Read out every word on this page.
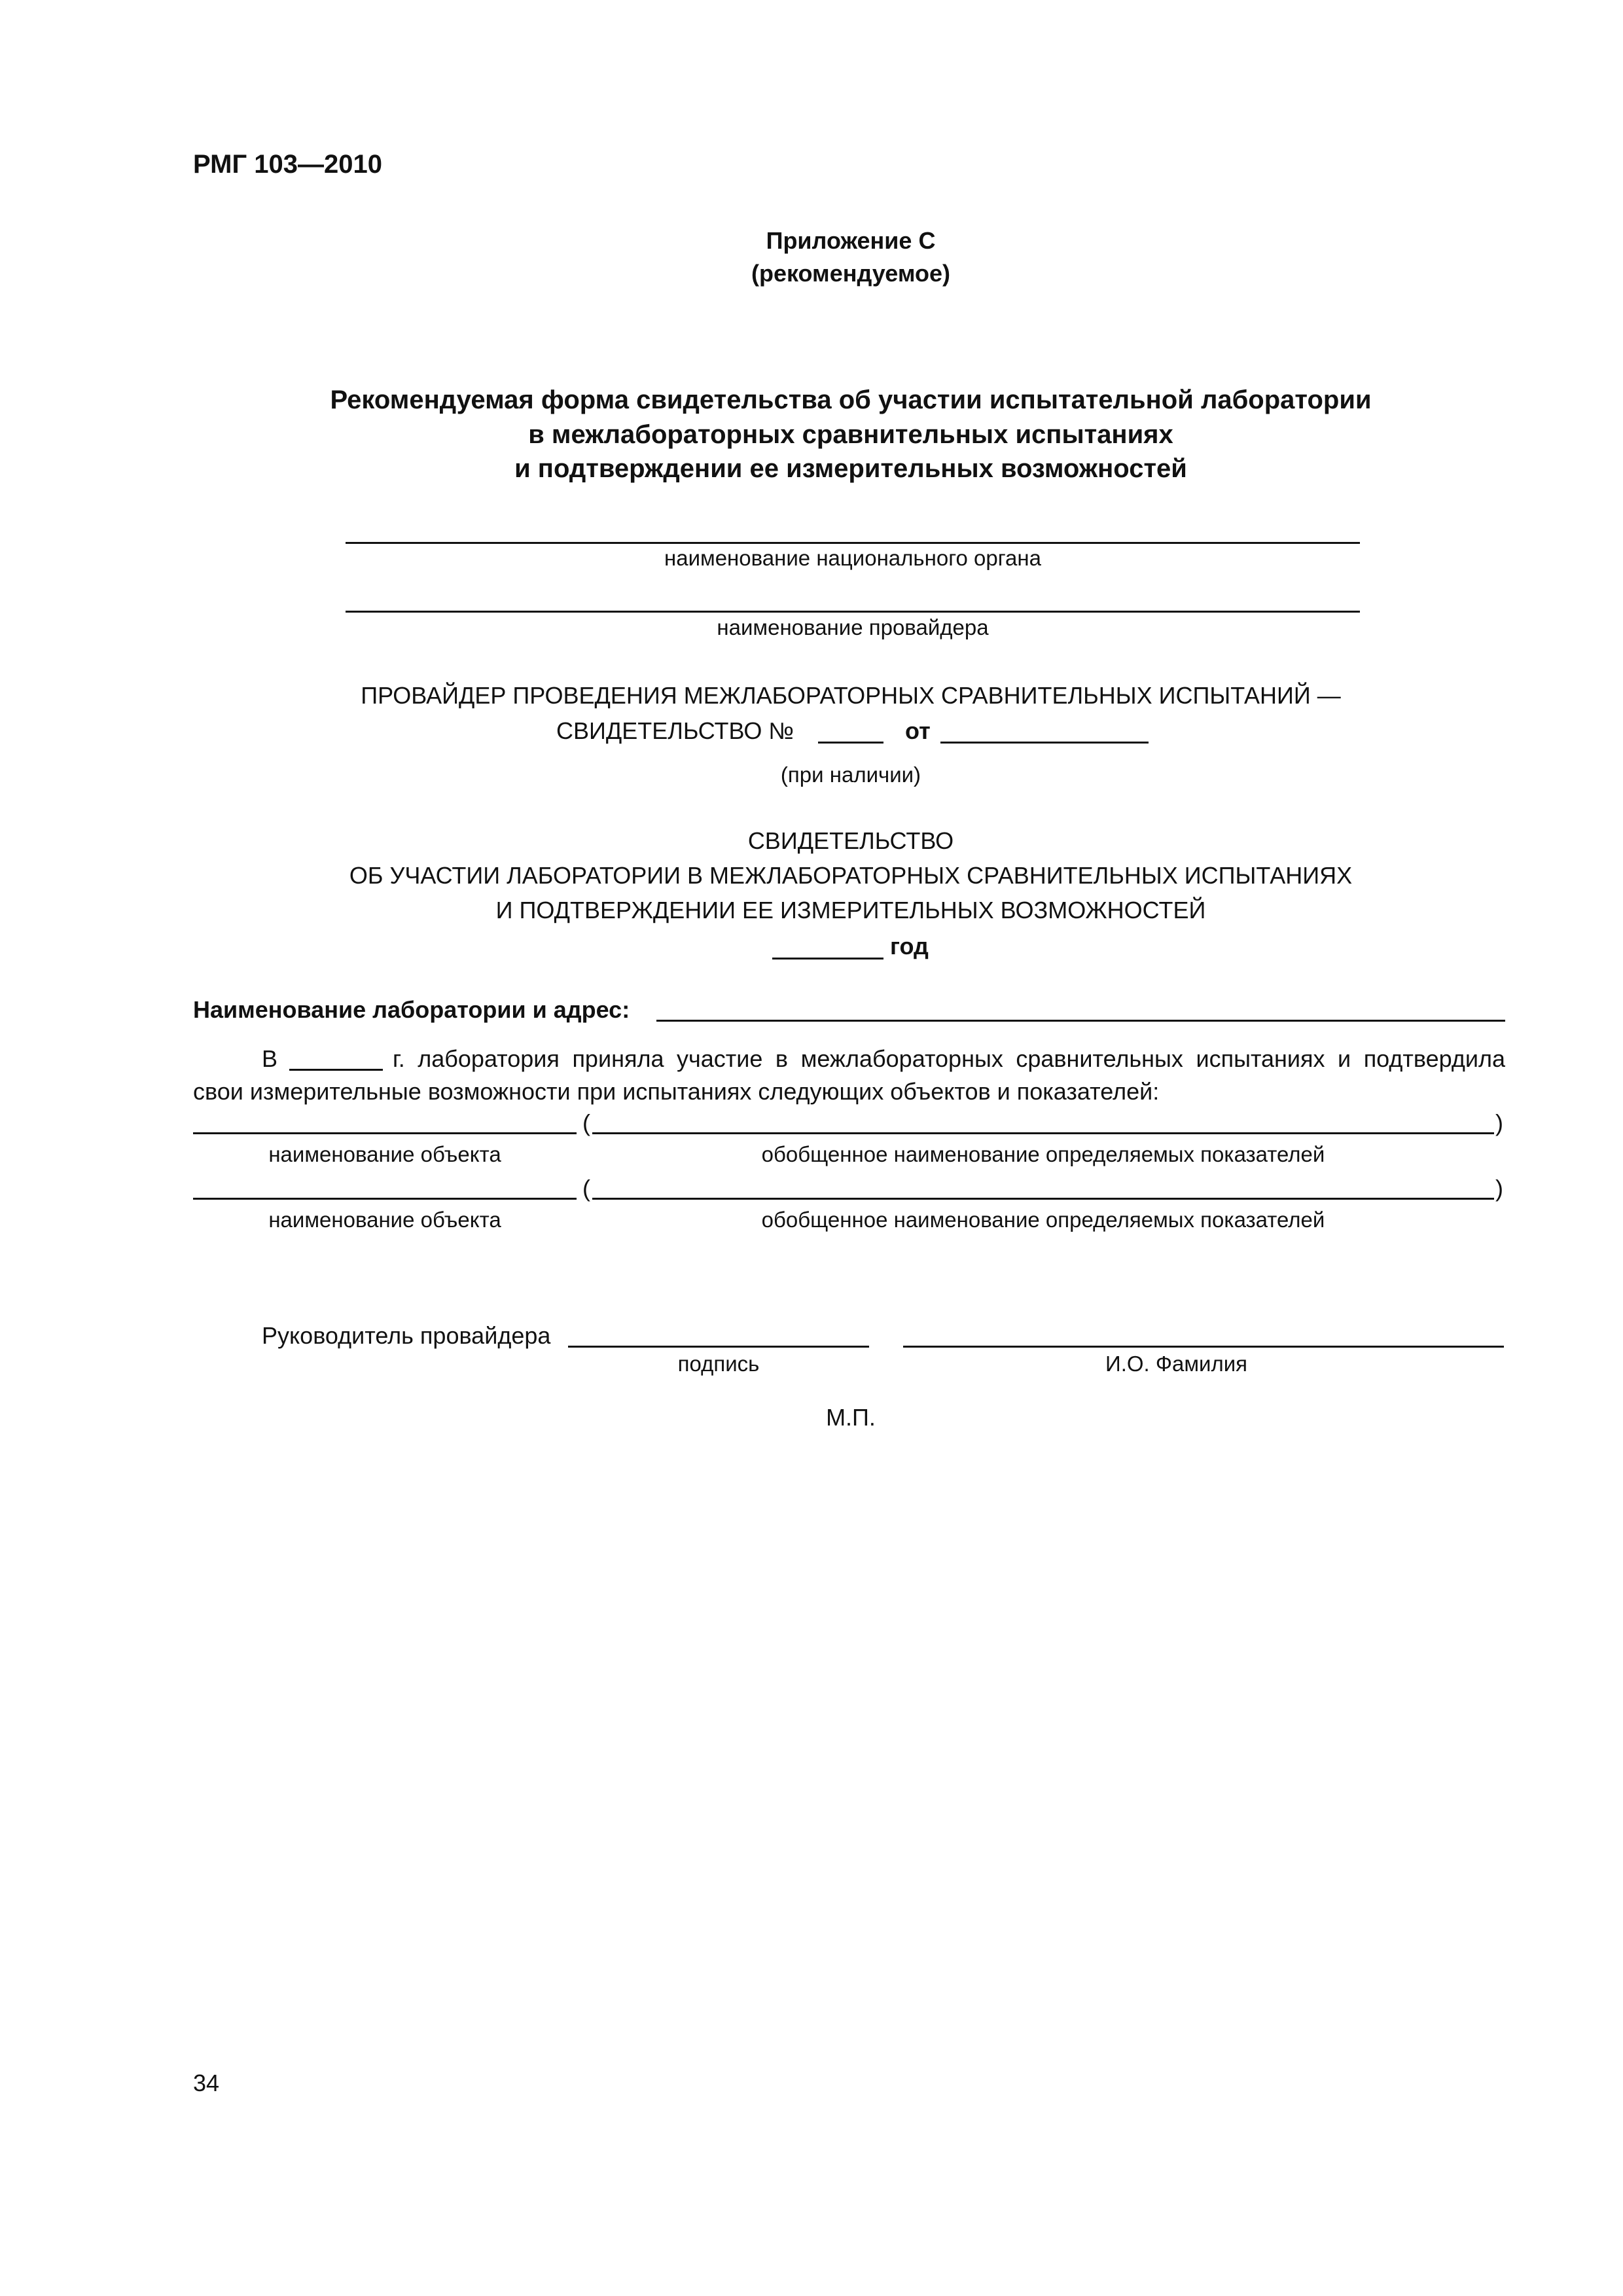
РМГ 103—2010
Приложение С
(рекомендуемое)
Рекомендуемая форма свидетельства об участии испытательной лаборатории
в межлабораторных сравнительных испытаниях
и подтверждении ее измерительных возможностей
наименование национального органа
наименование провайдера
ПРОВАЙДЕР ПРОВЕДЕНИЯ МЕЖЛАБОРАТОРНЫХ СРАВНИТЕЛЬНЫХ ИСПЫТАНИЙ —
СВИДЕТЕЛЬСТВО №	от
(при наличии)
СВИДЕТЕЛЬСТВО
ОБ УЧАСТИИ ЛАБОРАТОРИИ В МЕЖЛАБОРАТОРНЫХ СРАВНИТЕЛЬНЫХ ИСПЫТАНИЯХ
И ПОДТВЕРЖДЕНИИ ЕЕ ИЗМЕРИТЕЛЬНЫХ ВОЗМОЖНОСТЕЙ
год
Наименование лаборатории и адрес:
В	г. лаборатория приняла участие в межлабораторных сравнительных испытаниях и подтвердила
свои измерительные возможности при испытаниях следующих объектов и показателей:
(	)
наименование объекта	обобщенное наименование определяемых показателей
(	)
наименование объекта	обобщенное наименование определяемых показателей
Руководитель провайдера
подпись	И.О. Фамилия
М.П.
34
